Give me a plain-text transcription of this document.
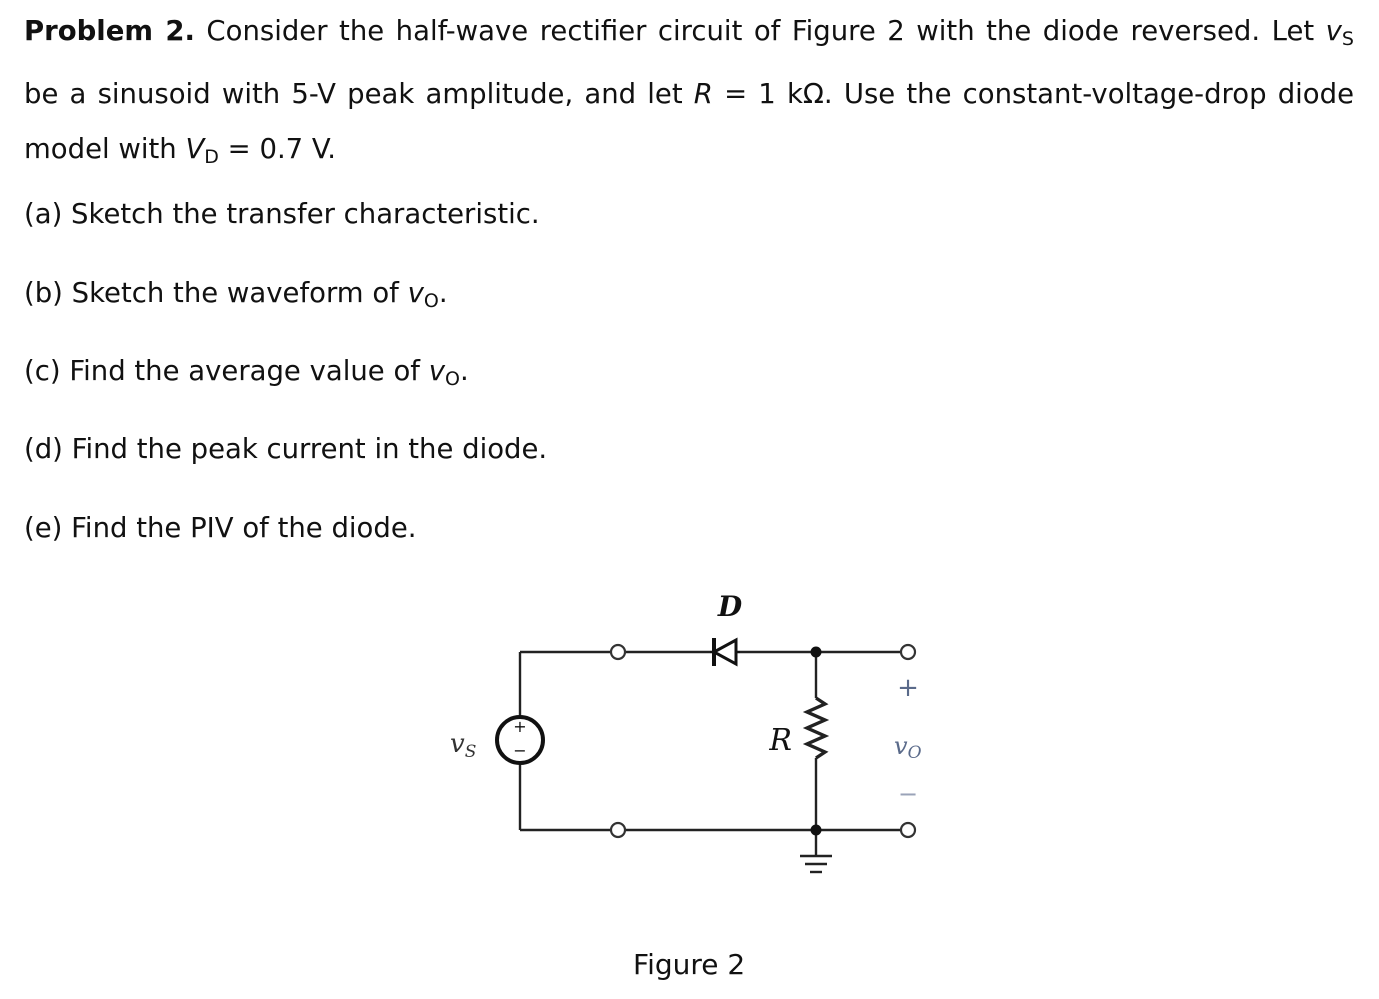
Problem 2. Consider the half-wave rectifier circuit of Figure 2 with the diode reversed. Let $v_S$ be a sinusoid with 5-V peak amplitude, and let R = 1 kΩ. Use the constant-voltage-drop diode model with $V_D = 0.7$ V.
(a) Sketch the transfer characteristic.
(b) Sketch the waveform of $v_O$.
(c) Find the average value of $v_O$.
(d) Find the peak current in the diode.
(e) Find the PIV of the diode.
+
−
D
R
vS	vO
+
−
Figure 2
